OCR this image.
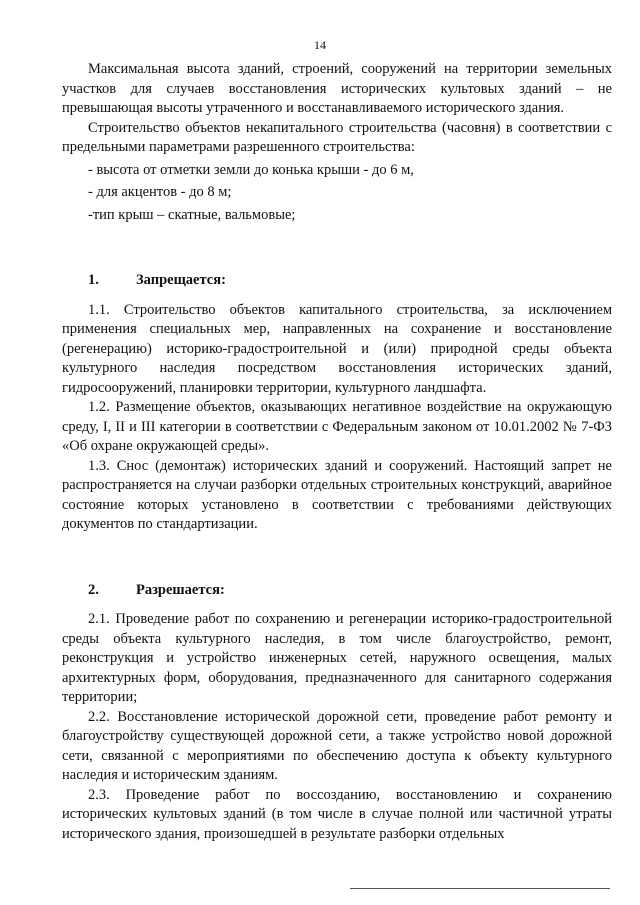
14

Максимальная высота зданий, строений, сооружений на территории земельных участков для случаев восстановления исторических культовых зданий – не превышающая высоты утраченного и восстанавливаемого исторического здания.

Строительство объектов некапитального строительства (часовня) в соответствии с предельными параметрами разрешенного строительства:

- высота от отметки земли до конька крыши - до 6 м,

- для акцентов - до 8 м;

-тип крыш – скатные, вальмовые;

1.	Запрещается:

1.1. Строительство объектов капитального строительства, за исключением применения специальных мер, направленных на сохранение и восстановление (регенерацию) историко-градостроительной и (или) природной среды объекта культурного наследия посредством восстановления исторических зданий, гидросооружений, планировки территории, культурного ландшафта.

1.2. Размещение объектов, оказывающих негативное воздействие на окружающую среду, I, II и III категории в соответствии с Федеральным законом от 10.01.2002 № 7-ФЗ «Об охране окружающей среды».

1.3. Снос (демонтаж) исторических зданий и сооружений. Настоящий запрет не распространяется на случаи разборки отдельных строительных конструкций, аварийное состояние которых установлено в соответствии с требованиями действующих документов по стандартизации.

2.	Разрешается:

2.1. Проведение работ по сохранению и регенерации историко-градостроительной среды объекта культурного наследия, в том числе благоустройство, ремонт, реконструкция и устройство инженерных сетей, наружного освещения, малых архитектурных форм, оборудования, предназначенного для санитарного содержания территории;

2.2. Восстановление исторической дорожной сети, проведение работ ремонту и благоустройству существующей дорожной сети, а также устройство новой дорожной сети, связанной с мероприятиями по обеспечению доступа к объекту культурного наследия и историческим зданиям.

2.3. Проведение работ по воссозданию, восстановлению и сохранению исторических культовых зданий (в том числе в случае полной или частичной утраты исторического здания, произошедшей в результате разборки отдельных
